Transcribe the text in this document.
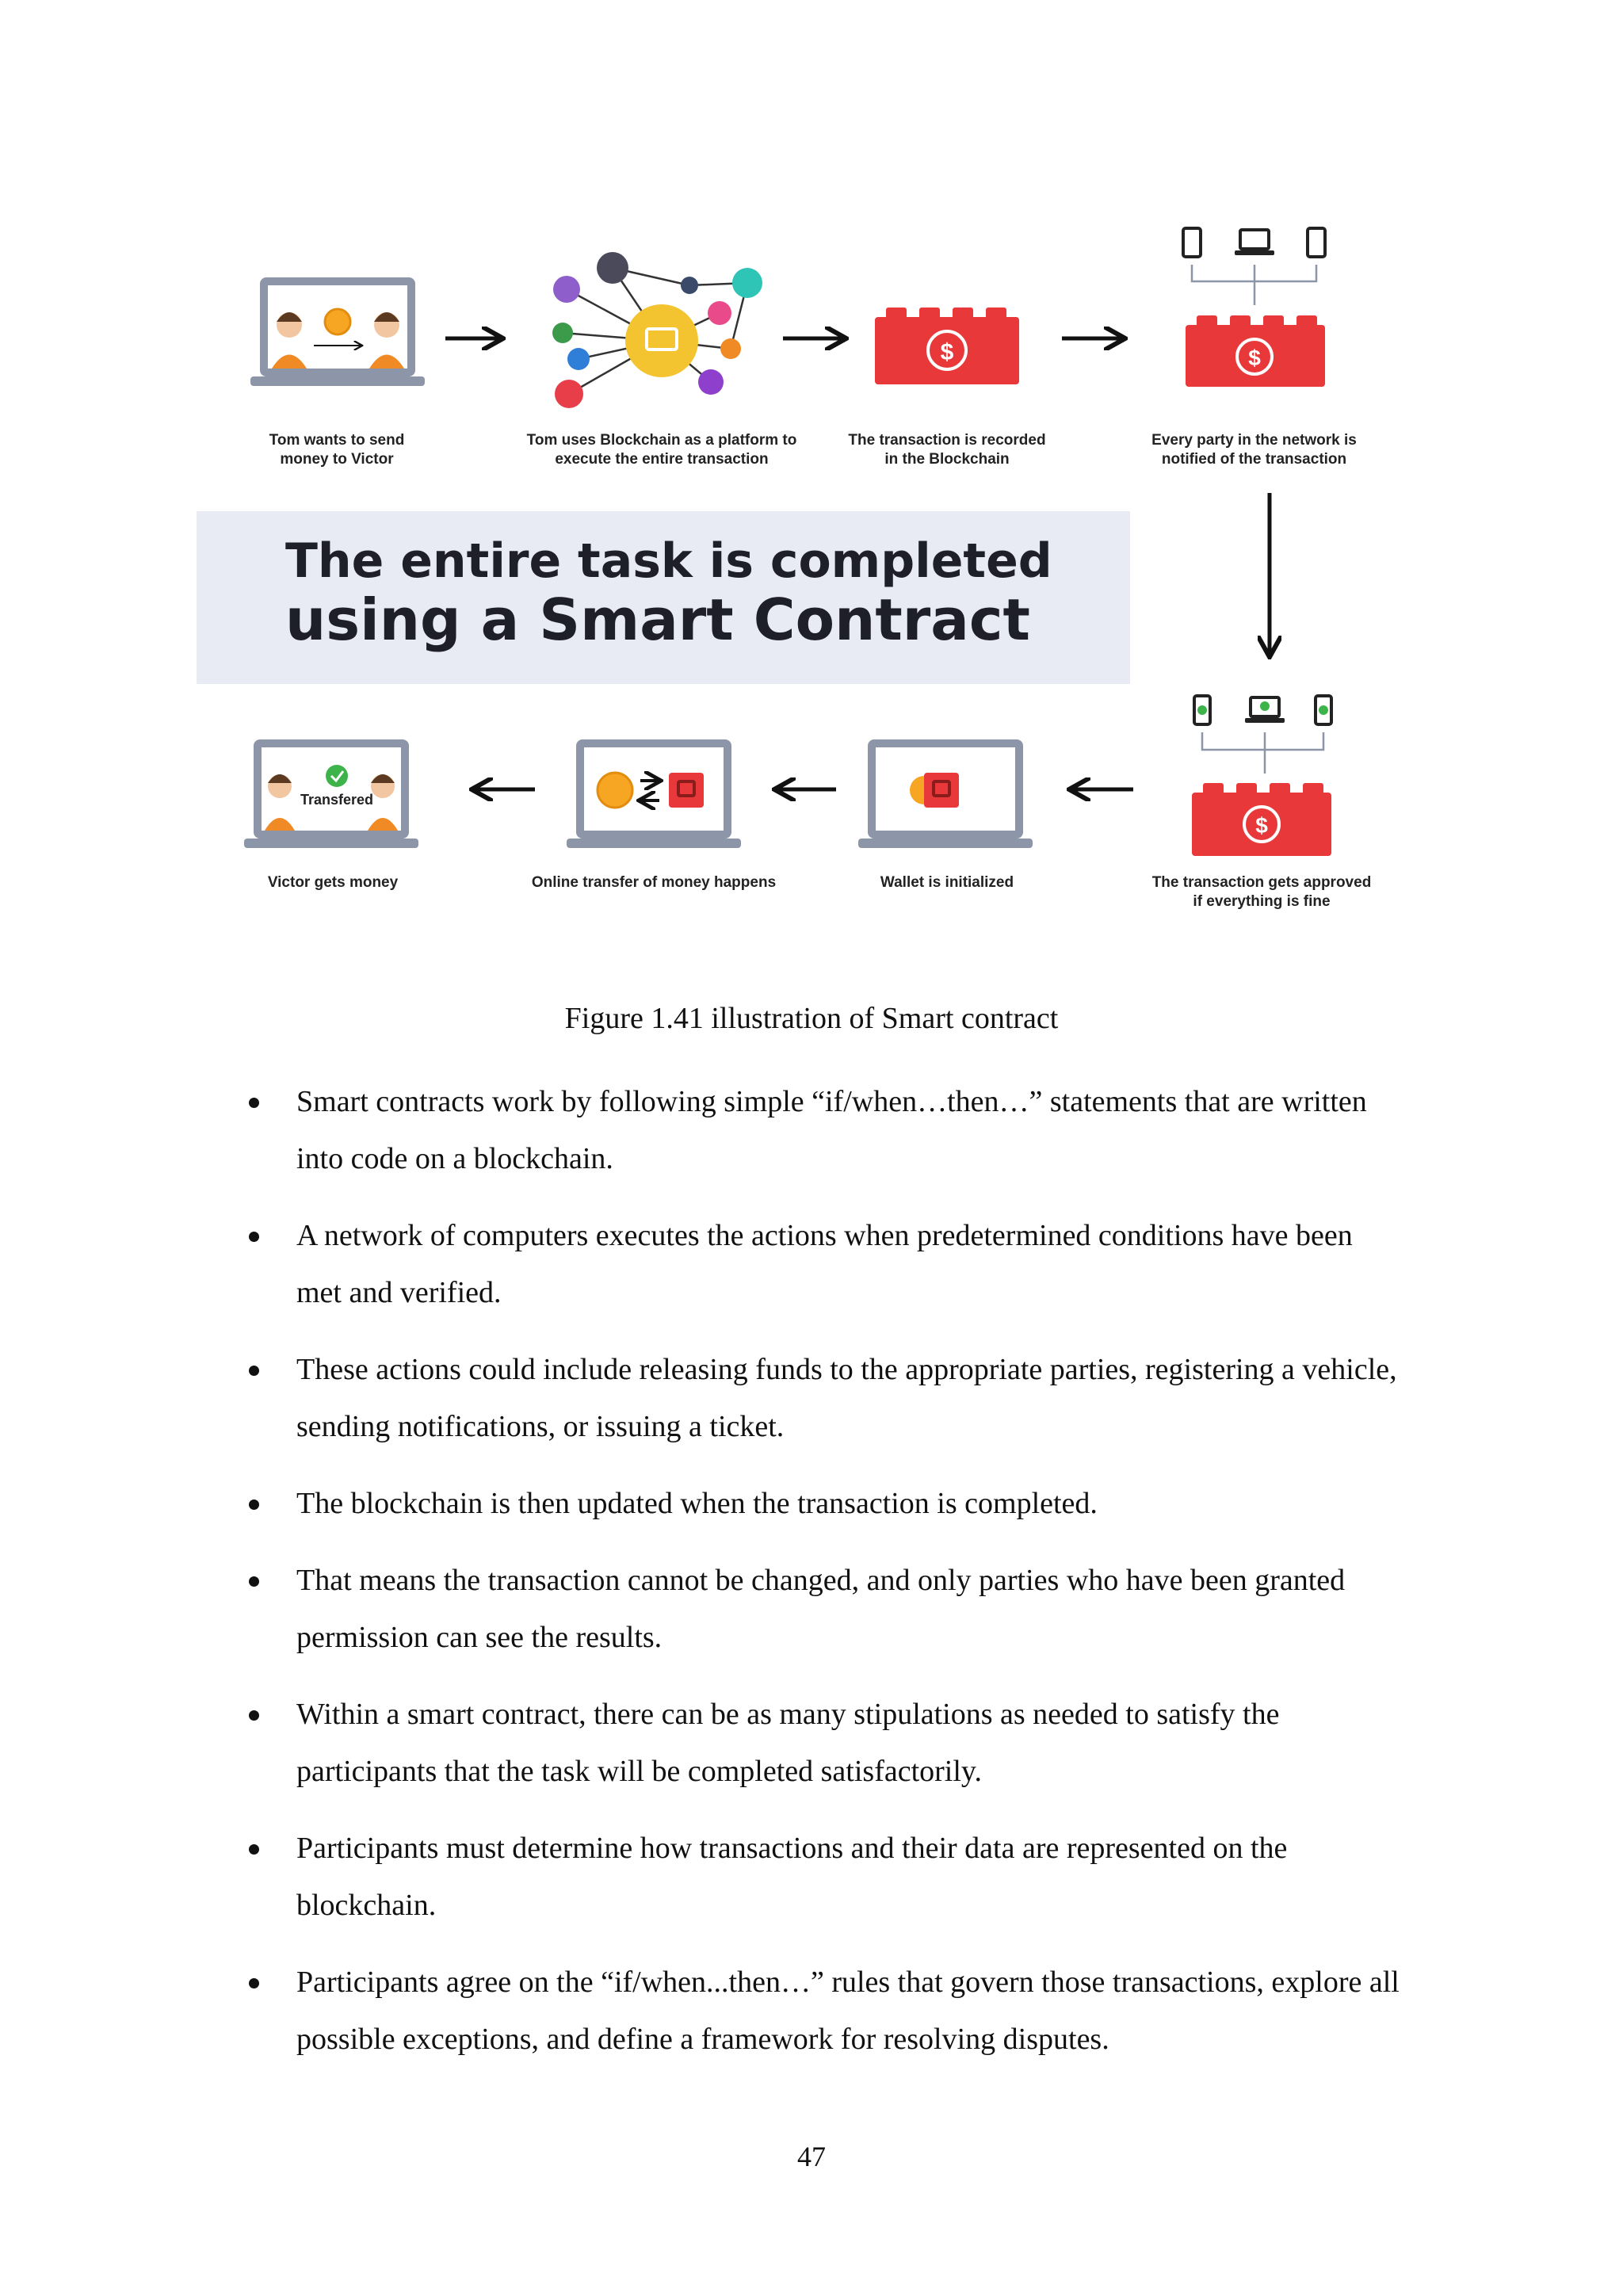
$	$
$
Transfered
Tom wants to send
money to Victor
Tom uses Blockchain as a platform to
execute the entire transaction
The transaction is recorded
in the Blockchain
Every party in the network is
notified of the transaction
The transaction gets approved
if everything is fine
Wallet is initialized
Online transfer of money happens
Victor gets money
The entire task is completed
using a Smart Contract
Figure 1.41 illustration of Smart contract
Smart contracts work by following simple “if/when…then…” statements that are written into code on a blockchain.
A network of computers executes the actions when predetermined conditions have been met and verified.
These actions could include releasing funds to the appropriate parties, registering a vehicle, sending notifications, or issuing a ticket.
The blockchain is then updated when the transaction is completed.
That means the transaction cannot be changed, and only parties who have been granted permission can see the results.
Within a smart contract, there can be as many stipulations as needed to satisfy the participants that the task will be completed satisfactorily.
Participants must determine how transactions and their data are represented on the blockchain.
Participants agree on the “if/when...then…” rules that govern those transactions, explore all possible exceptions, and define a framework for resolving disputes.
47
